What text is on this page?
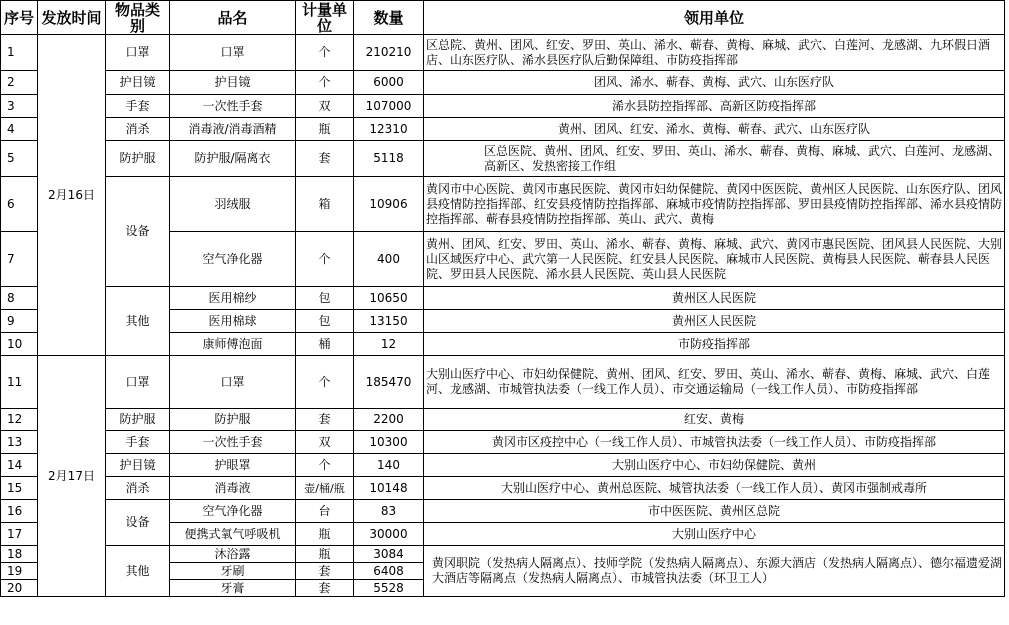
序号	发放时间	物品类别	品名	计量单位	数量	领用单位
1	2月16日	口罩	口罩	个	210210	区总院、黄州、团风、红安、罗田、英山、浠水、蕲春、黄梅、麻城、武穴、白莲河、龙感湖、九环假日酒店、山东医疗队、浠水县医疗队后勤保障组、市防疫指挥部
2		护目镜	护目镜	个	6000	团风、浠水、蕲春、黄梅、武穴、山东医疗队
3		手套	一次性手套	双	107000	浠水县防控指挥部、高新区防疫指挥部
4		消杀	消毒液/消毒酒精	瓶	12310	黄州、团风、红安、浠水、黄梅、蕲春、武穴、山东医疗队
5		防护服	防护服/隔离衣	套	5118	区总医院、黄州、团风、红安、罗田、英山、浠水、蕲春、黄梅、麻城、武穴、白莲河、龙感湖、高新区、发热密接工作组
6		设备	羽绒服	箱	10906	黄冈市中心医院、黄冈市惠民医院、黄冈市妇幼保健院、黄冈中医医院、黄州区人民医院、山东医疗队、团风县疫情防控指挥部、红安县疫情防控指挥部、麻城市疫情防控指挥部、罗田县疫情防控指挥部、浠水县疫情防控指挥部、蕲春县疫情防控指挥部、英山、武穴、黄梅
7			空气净化器	个	400	黄州、团风、红安、罗田、英山、浠水、蕲春、黄梅、麻城、武穴、黄冈市惠民医院、团风县人民医院、大别山区域医疗中心、武穴第一人民医院、红安县人民医院、麻城市人民医院、黄梅县人民医院、蕲春县人民医院、罗田县人民医院、浠水县人民医院、英山县人民医院
8		其他	医用棉纱	包	10650	黄州区人民医院
9			医用棉球	包	13150	黄州区人民医院
10			康师傅泡面	桶	12	市防疫指挥部
11	2月17日	口罩	口罩	个	185470	大别山医疗中心、市妇幼保健院、黄州、团风、红安、罗田、英山、浠水、蕲春、黄梅、麻城、武穴、白莲河、龙感湖、市城管执法委（一线工作人员）、市交通运输局（一线工作人员）、市防疫指挥部
12		防护服	防护服	套	2200	红安、黄梅
13		手套	一次性手套	双	10300	黄冈市区疫控中心（一线工作人员）、市城管执法委（一线工作人员）、市防疫指挥部
14		护目镜	护眼罩	个	140	大别山医疗中心、市妇幼保健院、黄州
15		消杀	消毒液	壶/桶/瓶	10148	大别山医疗中心、黄州总医院、城管执法委（一线工作人员）、黄冈市强制戒毒所
16		设备	空气净化器	台	83	市中医医院、黄州区总院
17			便携式氧气呼吸机	瓶	30000	大别山医疗中心
18		其他	沐浴露	瓶	3084	黄冈职院（发热病人隔离点）、技师学院（发热病人隔离点）、东源大酒店（发热病人隔离点）、德尔福遗爱湖大酒店等隔离点（发热病人隔离点）、市城管执法委（环卫工人）
19			牙刷	套	6408	
20			牙膏	套	5528	
